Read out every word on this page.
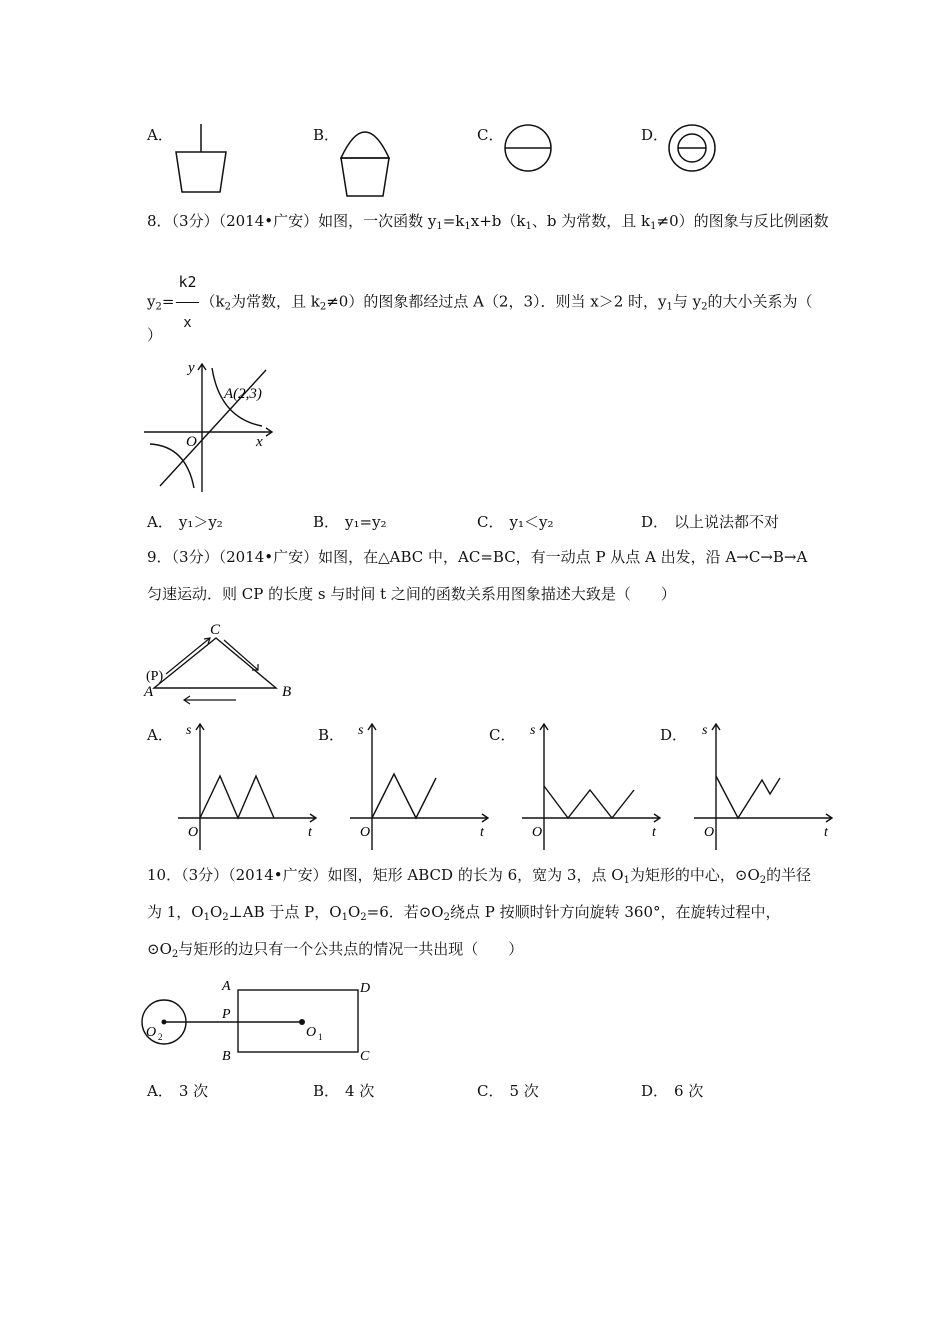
A．	B．	C．	D．
8．（3分）（2014•广安）如图，一次函数 $y_1=k_1x+b(k_1$、b 为常数，且 $k_1\ne 0$）的图象与反比例函数
$y_2= \frac{k2}{x} (k_2$为常数，且 $k_2\ne 0$）的图象都经过点 A（2，3）．则当 x＞2 时，$y_1$与 $y_2$的大小关系为（
）
y
x
O
A(2,3)
A． y₁＞y₂	B． y₁=y₂	C． y₁＜y₂	D． 以上说法都不对
9．（3分）（2014•广安）如图，在△ABC 中，AC=BC，有一动点 P 从点 A 出发，沿 A→C→B→A
匀速运动．则 CP 的长度 s 与时间 t 之间的函数关系用图象描述大致是（　　）
C
A	B
(P)
A． s
t
O
B． s
t
O
C． s
t
O
D． s
t
O
10．（3分）（2014•广安）如图，矩形 ABCD 的长为 6，宽为 3，点 $O_1$为矩形的中心，$⊙O_2$的半径
为 1，$O_1O_2\perp AB$ 于点 P，$O_1O_2=6$．若$⊙O_2$绕点 P 按顺时针方向旋转 360°，在旋转过程中，
$⊙O_2$与矩形的边只有一个公共点的情况一共出现（　　）
A
B	C
D
P
O 1
O 2
A． 3 次	B． 4 次	C． 5 次	D． 6 次
